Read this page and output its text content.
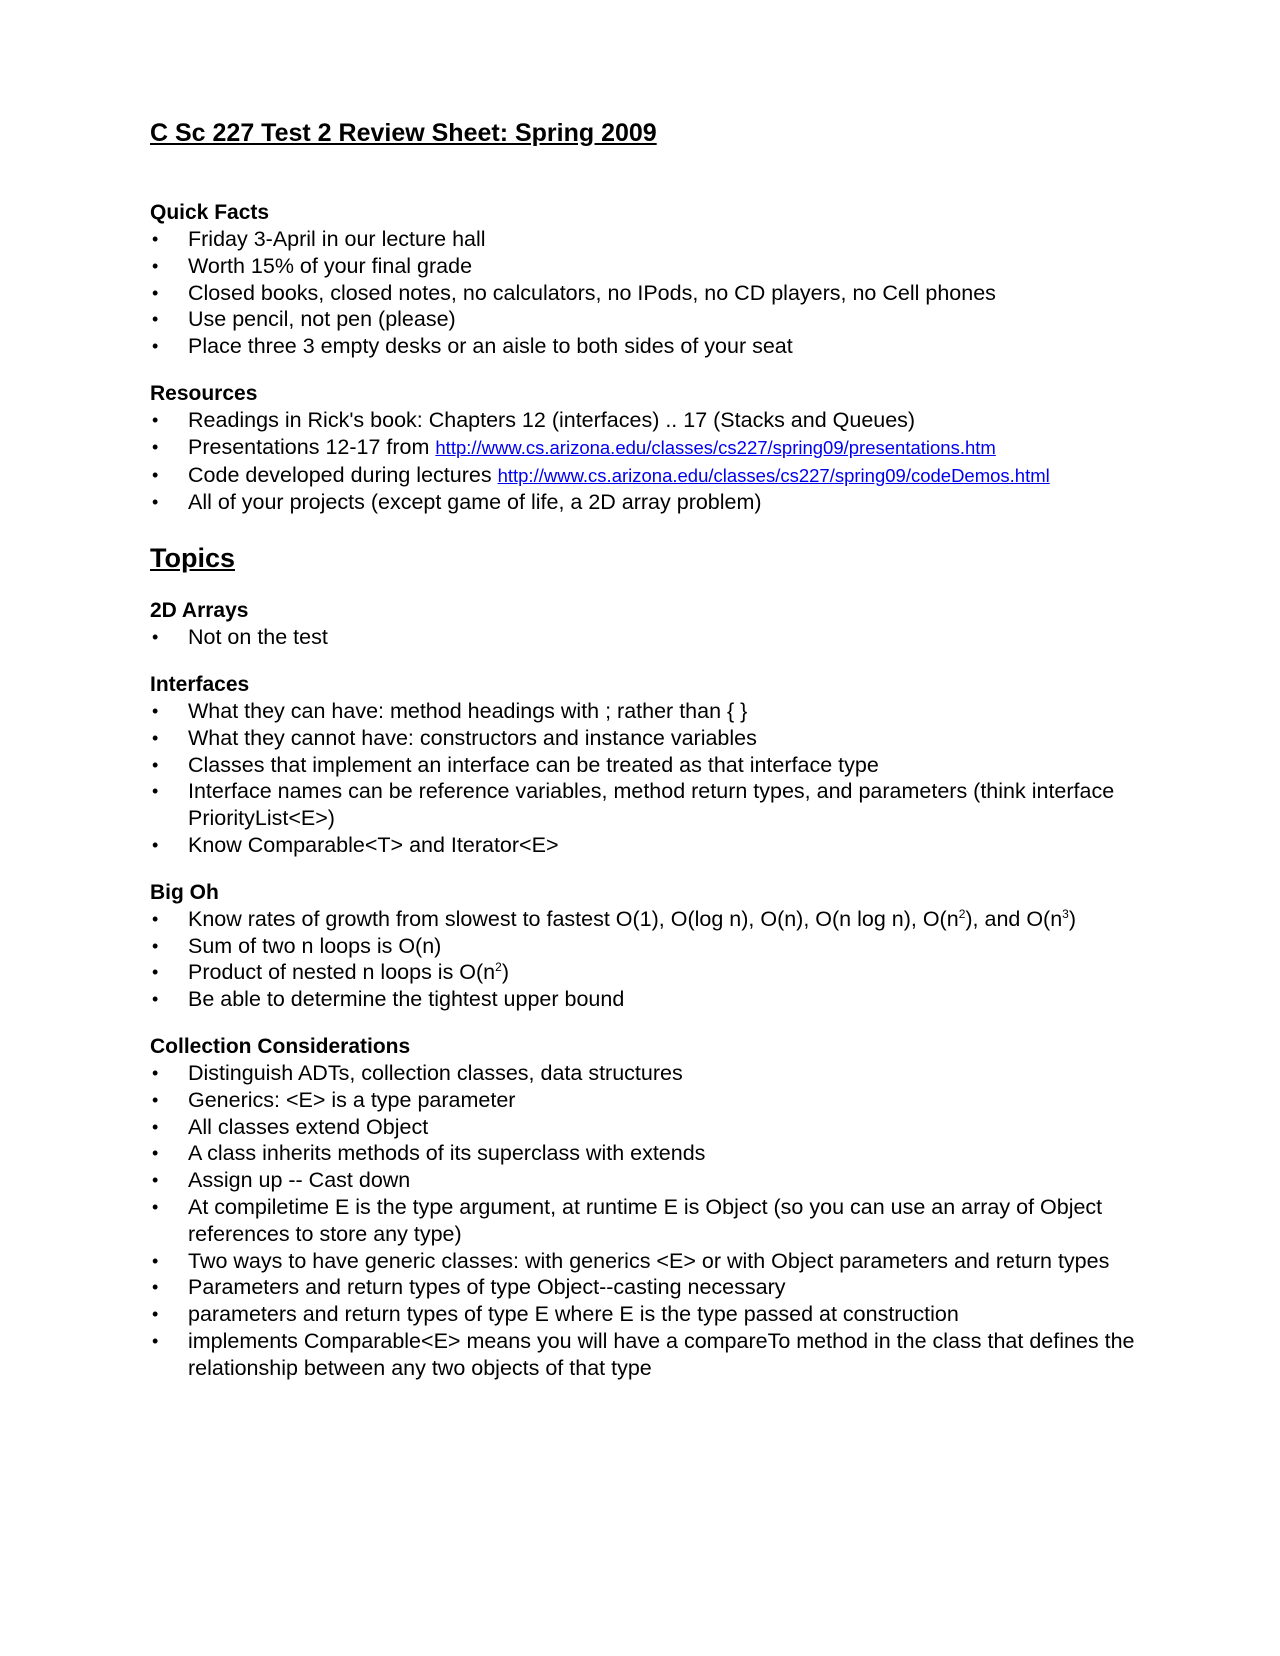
C Sc 227 Test 2 Review Sheet: Spring 2009
Quick Facts
• Friday 3-April in our lecture hall
• Worth 15% of your final grade
• Closed books, closed notes, no calculators, no IPods, no CD players, no Cell phones
• Use pencil, not pen (please)
• Place three 3 empty desks or an aisle to both sides of your seat
Resources
• Readings in Rick's book: Chapters 12 (interfaces) .. 17 (Stacks and Queues)
• Presentations 12-17 from http://www.cs.arizona.edu/classes/cs227/spring09/presentations.htm
• Code developed during lectures http://www.cs.arizona.edu/classes/cs227/spring09/codeDemos.html
• All of your projects (except game of life, a 2D array problem)
Topics
2D Arrays
• Not on the test
Interfaces
• What they can have: method headings with ; rather than { }
• What they cannot have: constructors and instance variables
• Classes that implement an interface can be treated as that interface type
• Interface names can be reference variables, method return types, and parameters (think interface PriorityList<E>)
• Know Comparable<T> and Iterator<E>
Big Oh
• Know rates of growth from slowest to fastest O(1), O(log n), O(n), O(n log n), $O(n^2)$, and $O(n^3)$
• Sum of two n loops is O(n)
• Product of nested n loops is $O(n^2)$
• Be able to determine the tightest upper bound
Collection Considerations
• Distinguish ADTs, collection classes, data structures
• Generics: <E> is a type parameter
• All classes extend Object
• A class inherits methods of its superclass with extends
• Assign up -- Cast down
• At compiletime E is the type argument, at runtime E is Object (so you can use an array of Object references to store any type)
• Two ways to have generic classes: with generics <E> or with Object parameters and return types
• Parameters and return types of type Object--casting necessary
• parameters and return types of type E where E is the type passed at construction
• implements Comparable<E> means you will have a compareTo method in the class that defines the relationship between any two objects of that type
